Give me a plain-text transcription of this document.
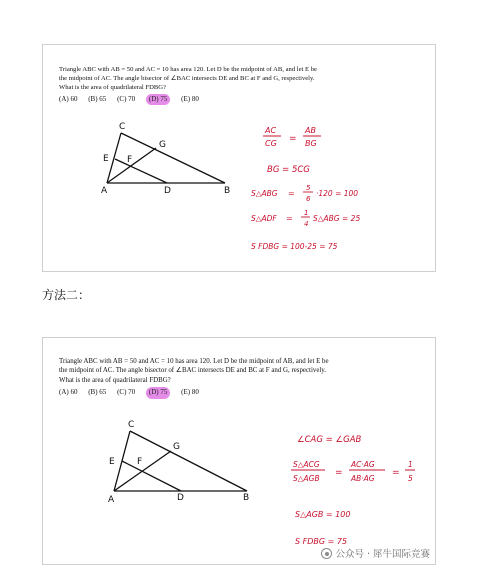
Triangle ABC with AB = 50 and AC = 10 has area 120. Let D be the midpoint of AB, and let E be
the midpoint of AC. The angle bisector of ∠BAC intersects DE and BC at F and G, respectively.
What is the area of quadrilateral FDBG?
(A) 60 (B) 65 (C) 70 (D) 75 (E) 80
C
G
E F
A	D	B
AC
CG =
AB
BG
BG = 5CG
S△ABG =
5
6
·120 = 100
S△ADF =
1
4
S△ABG = 25
S FDBG = 100-25 = 75
方法二：
Triangle ABC with AB = 50 and AC = 10 has area 120. Let D be the midpoint of AB, and let E be
the midpoint of AC. The angle bisector of ∠BAC intersects DE and BC at F and G, respectively.
What is the area of quadrilateral FDBG?
(A) 60 (B) 65 (C) 70 (D) 75 (E) 80
C
G
E F
A	D	B
∠CAG = ∠GAB
S△ACG
S△AGB
=
AC·AG
AB·AG
=
1
5
S△AGB = 100
S FDBG = 75
公众号 · 犀牛国际竞赛
